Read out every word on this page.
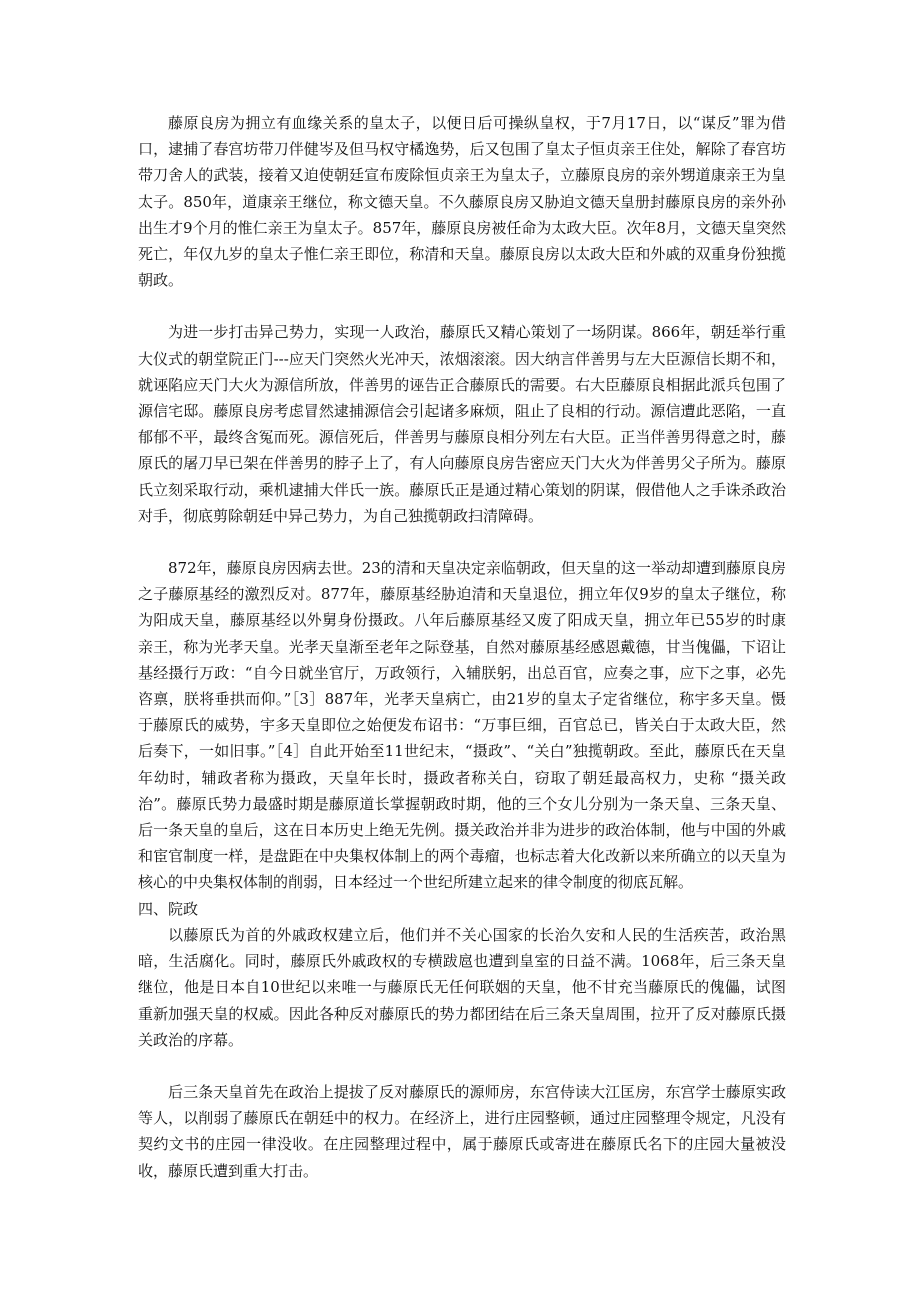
藤原良房为拥立有血缘关系的皇太子，以便日后可操纵皇权，于7月17日，以“谋反”罪为借口，逮捕了春宫坊带刀伴健岑及但马权守橘逸势，后又包围了皇太子恒贞亲王住处，解除了春宫坊带刀舍人的武装，接着又迫使朝廷宣布废除恒贞亲王为皇太子，立藤原良房的亲外甥道康亲王为皇太子。850年，道康亲王继位，称文德天皇。不久藤原良房又胁迫文德天皇册封藤原良房的亲外孙出生才9个月的惟仁亲王为皇太子。857年，藤原良房被任命为太政大臣。次年8月，文德天皇突然死亡，年仅九岁的皇太子惟仁亲王即位，称清和天皇。藤原良房以太政大臣和外戚的双重身份独揽朝政。

为进一步打击异己势力，实现一人政治，藤原氏又精心策划了一场阴谋。866年，朝廷举行重大仪式的朝堂院正门---应天门突然火光冲天，浓烟滚滚。因大纳言伴善男与左大臣源信长期不和，就诬陷应天门大火为源信所放，伴善男的诬告正合藤原氏的需要。右大臣藤原良相据此派兵包围了源信宅邸。藤原良房考虑冒然逮捕源信会引起诸多麻烦，阻止了良相的行动。源信遭此恶陷，一直郁郁不平，最终含冤而死。源信死后，伴善男与藤原良相分列左右大臣。正当伴善男得意之时，藤原氏的屠刀早已架在伴善男的脖子上了，有人向藤原良房告密应天门大火为伴善男父子所为。藤原氏立刻采取行动，乘机逮捕大伴氏一族。藤原氏正是通过精心策划的阴谋，假借他人之手诛杀政治对手，彻底剪除朝廷中异己势力，为自己独揽朝政扫清障碍。

872年，藤原良房因病去世。23的清和天皇决定亲临朝政，但天皇的这一举动却遭到藤原良房之子藤原基经的激烈反对。877年，藤原基经胁迫清和天皇退位，拥立年仅9岁的皇太子继位，称为阳成天皇，藤原基经以外舅身份摄政。八年后藤原基经又废了阳成天皇，拥立年已55岁的时康亲王，称为光孝天皇。光孝天皇渐至老年之际登基，自然对藤原基经感恩戴德，甘当傀儡，下诏让基经摄行万政：“自今日就坐官厅，万政领行，入辅朕躬，出总百官，应奏之事，应下之事，必先咨禀，朕将垂拱而仰。”［3］887年，光孝天皇病亡，由21岁的皇太子定省继位，称宇多天皇。慑于藤原氏的威势，宇多天皇即位之始便发布诏书：“万事巨细，百官总已，皆关白于太政大臣，然后奏下，一如旧事。”［4］自此开始至11世纪末，“摄政”、“关白”独揽朝政。至此，藤原氏在天皇年幼时，辅政者称为摄政，天皇年长时，摄政者称关白，窃取了朝廷最高权力，史称 “摄关政治”。藤原氏势力最盛时期是藤原道长掌握朝政时期，他的三个女儿分别为一条天皇、三条天皇、后一条天皇的皇后，这在日本历史上绝无先例。摄关政治并非为进步的政治体制，他与中国的外戚和宦官制度一样，是盘距在中央集权体制上的两个毒瘤，也标志着大化改新以来所确立的以天皇为核心的中央集权体制的削弱，日本经过一个世纪所建立起来的律令制度的彻底瓦解。

四、院政

以藤原氏为首的外戚政权建立后，他们并不关心国家的长治久安和人民的生活疾苦，政治黑暗，生活腐化。同时，藤原氏外戚政权的专横跋扈也遭到皇室的日益不满。1068年，后三条天皇继位，他是日本自10世纪以来唯一与藤原氏无任何联姻的天皇，他不甘充当藤原氏的傀儡，试图重新加强天皇的权威。因此各种反对藤原氏的势力都团结在后三条天皇周围，拉开了反对藤原氏摄关政治的序幕。

后三条天皇首先在政治上提拔了反对藤原氏的源师房，东宫侍读大江匡房，东宫学士藤原实政等人，以削弱了藤原氏在朝廷中的权力。在经济上，进行庄园整顿，通过庄园整理令规定，凡没有契约文书的庄园一律没收。在庄园整理过程中，属于藤原氏或寄进在藤原氏名下的庄园大量被没收，藤原氏遭到重大打击。
